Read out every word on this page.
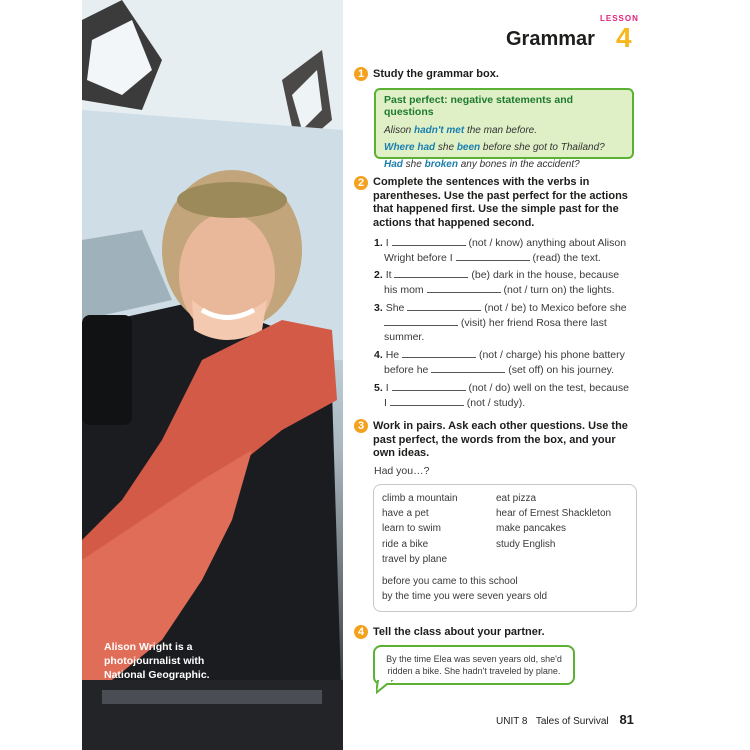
Alison Wright is a photojournalist with National Geographic.
Grammar
LESSON
4
1 Study the grammar box.
Past perfect: negative statements and questions
Alison hadn't met the man before.
Where had she been before she got to Thailand?
Had she broken any bones in the accident?
2 Complete the sentences with the verbs in parentheses. Use the past perfect for the actions that happened first. Use the simple past for the actions that happened second.
1. I	(not / know) anything about Alison
Wright before I	(read) the text.
2. It	(be) dark in the house, because
his mom	(not / turn on) the lights.
3. She	(not / be) to Mexico before she
(visit) her friend Rosa there last
summer.
4. He	(not / charge) his phone battery
before he	(set off) on his journey.
5. I	(not / do) well on the test, because
I	(not / study).
3 Work in pairs. Ask each other questions. Use the past perfect, the words from the box, and your own ideas.
Had you…?
climb a mountain
have a pet
learn to swim
ride a bike
travel by plane
eat pizza
hear of Ernest Shackleton
make pancakes
study English
before you came to this school
by the time you were seven years old
4 Tell the class about your partner.
By the time Elea was seven years old, she'd ridden a bike. She hadn't traveled by plane.
UNIT 8 Tales of Survival 81
